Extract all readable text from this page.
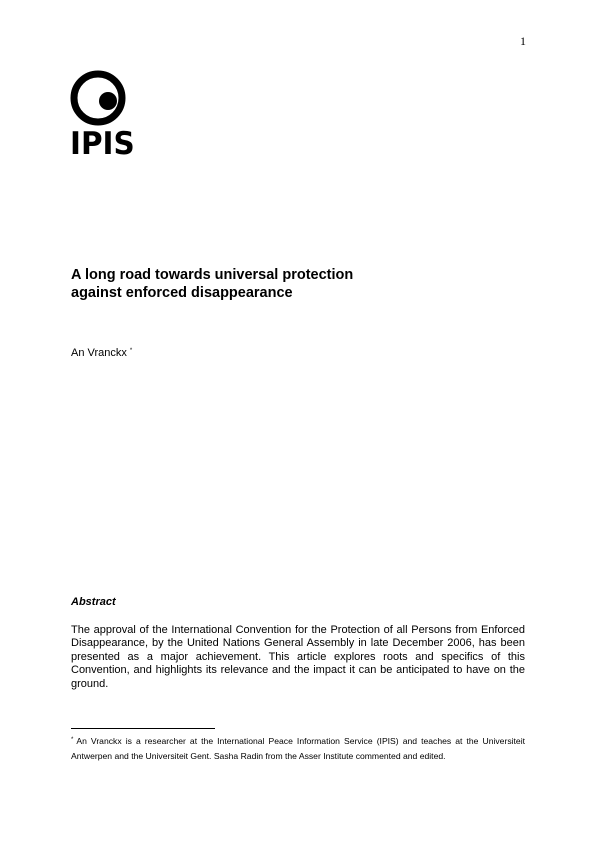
1
IPIS
A long road towards universal protection
against enforced disappearance
An Vranckx *
Abstract
The approval of the International Convention for the Protection of all Persons from Enforced Disappearance, by the United Nations General Assembly in late December 2006, has been presented as a major achievement. This article explores roots and specifics of this Convention, and highlights its relevance and the impact it can be anticipated to have on the ground.
* An Vranckx is a researcher at the International Peace Information Service (IPIS) and teaches at the Universiteit Antwerpen and the Universiteit Gent. Sasha Radin from the Asser Institute commented and edited.
